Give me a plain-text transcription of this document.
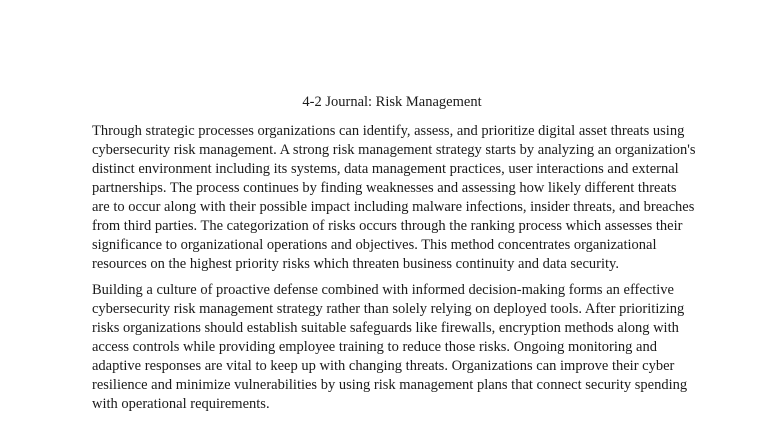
4-2 Journal: Risk Management

Through strategic processes organizations can identify, assess, and prioritize digital asset threats using cybersecurity risk management. A strong risk management strategy starts by analyzing an organization's distinct environment including its systems, data management practices, user interactions and external partnerships. The process continues by finding weaknesses and assessing how likely different threats are to occur along with their possible impact including malware infections, insider threats, and breaches from third parties. The categorization of risks occurs through the ranking process which assesses their significance to organizational operations and objectives. This method concentrates organizational resources on the highest priority risks which threaten business continuity and data security.

Building a culture of proactive defense combined with informed decision-making forms an effective cybersecurity risk management strategy rather than solely relying on deployed tools. After prioritizing risks organizations should establish suitable safeguards like firewalls, encryption methods along with access controls while providing employee training to reduce those risks. Ongoing monitoring and adaptive responses are vital to keep up with changing threats. Organizations can improve their cyber resilience and minimize vulnerabilities by using risk management plans that connect security spending with operational requirements.
